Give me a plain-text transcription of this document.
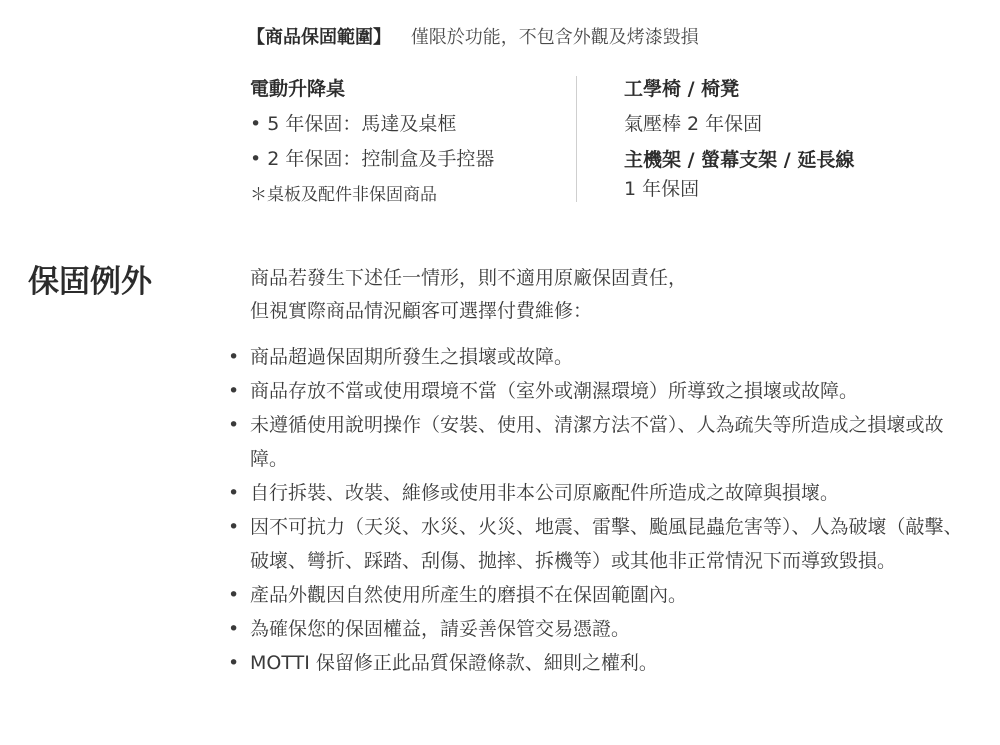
【商品保固範圍】 僅限於功能，不包含外觀及烤漆毀損

電動升降桌

• 5 年保固：馬達及桌框
• 2 年保固：控制盒及手控器
＊桌板及配件非保固商品

工學椅 / 椅凳

氣壓棒 2 年保固

主機架 / 螢幕支架 / 延長線

1 年保固
保固例外	商品若發生下述任一情形，則不適用原廠保固責任，
但視實際商品情況顧客可選擇付費維修：
• 商品超過保固期所發生之損壞或故障。
• 商品存放不當或使用環境不當（室外或潮濕環境）所導致之損壞或故障。
• 未遵循使用說明操作（安裝、使用、清潔方法不當）、人為疏失等所造成之損壞或故障。
• 自行拆裝、改裝、維修或使用非本公司原廠配件所造成之故障與損壞。
• 因不可抗力（天災、水災、火災、地震、雷擊、颱風昆蟲危害等）、人為破壞（敲擊、破壞、彎折、踩踏、刮傷、拋摔、拆機等）或其他非正常情況下而導致毀損。
• 產品外觀因自然使用所產生的磨損不在保固範圍內。
• 為確保您的保固權益，請妥善保管交易憑證。
• MOTTI 保留修正此品質保證條款、細則之權利。
